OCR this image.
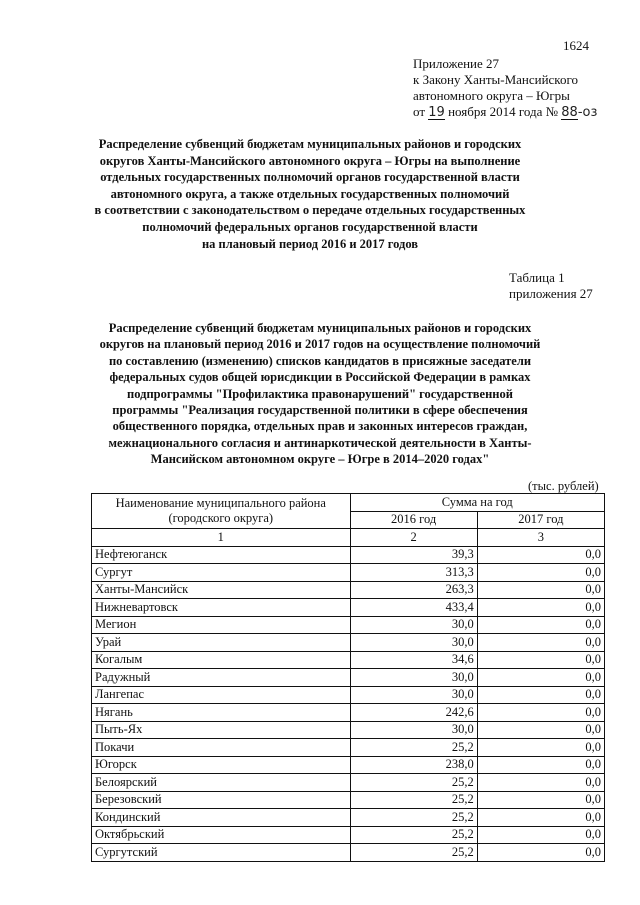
1624
Приложение 27
к Закону Ханты-Мансийского
автономного округа – Югры
от 19 ноября 2014 года № 88-оз
Распределение субвенций бюджетам муниципальных районов и городских
округов Ханты-Мансийского автономного округа – Югры на выполнение
отдельных государственных полномочий органов государственной власти
автономного округа, а также отдельных государственных полномочий
в соответствии с законодательством о передаче отдельных государственных
полномочий федеральных органов государственной власти
на плановый период 2016 и 2017 годов
Таблица 1
приложения 27
Распределение субвенций бюджетам муниципальных районов и городских
округов на плановый период 2016 и 2017 годов на осуществление полномочий
по составлению (изменению) списков кандидатов в присяжные заседатели
федеральных судов общей юрисдикции в Российской Федерации в рамках
подпрограммы "Профилактика правонарушений" государственной
программы "Реализация государственной политики в сфере обеспечения
общественного порядка, отдельных прав и законных интересов граждан,
межнационального согласия и антинаркотической деятельности в Ханты-
Мансийском автономном округе – Югре в 2014–2020 годах"
(тыс. рублей)
Наименование муниципального района
(городского округа)	Сумма на год	
	2016 год	2017 год
1	2	3
Нефтеюганск	39,3	0,0
Сургут	313,3	0,0
Ханты-Мансийск	263,3	0,0
Нижневартовск	433,4	0,0
Мегион	30,0	0,0
Урай	30,0	0,0
Когалым	34,6	0,0
Радужный	30,0	0,0
Лангепас	30,0	0,0
Нягань	242,6	0,0
Пыть-Ях	30,0	0,0
Покачи	25,2	0,0
Югорск	238,0	0,0
Белоярский	25,2	0,0
Березовский	25,2	0,0
Кондинский	25,2	0,0
Октябрьский	25,2	0,0
Сургутский	25,2	0,0
